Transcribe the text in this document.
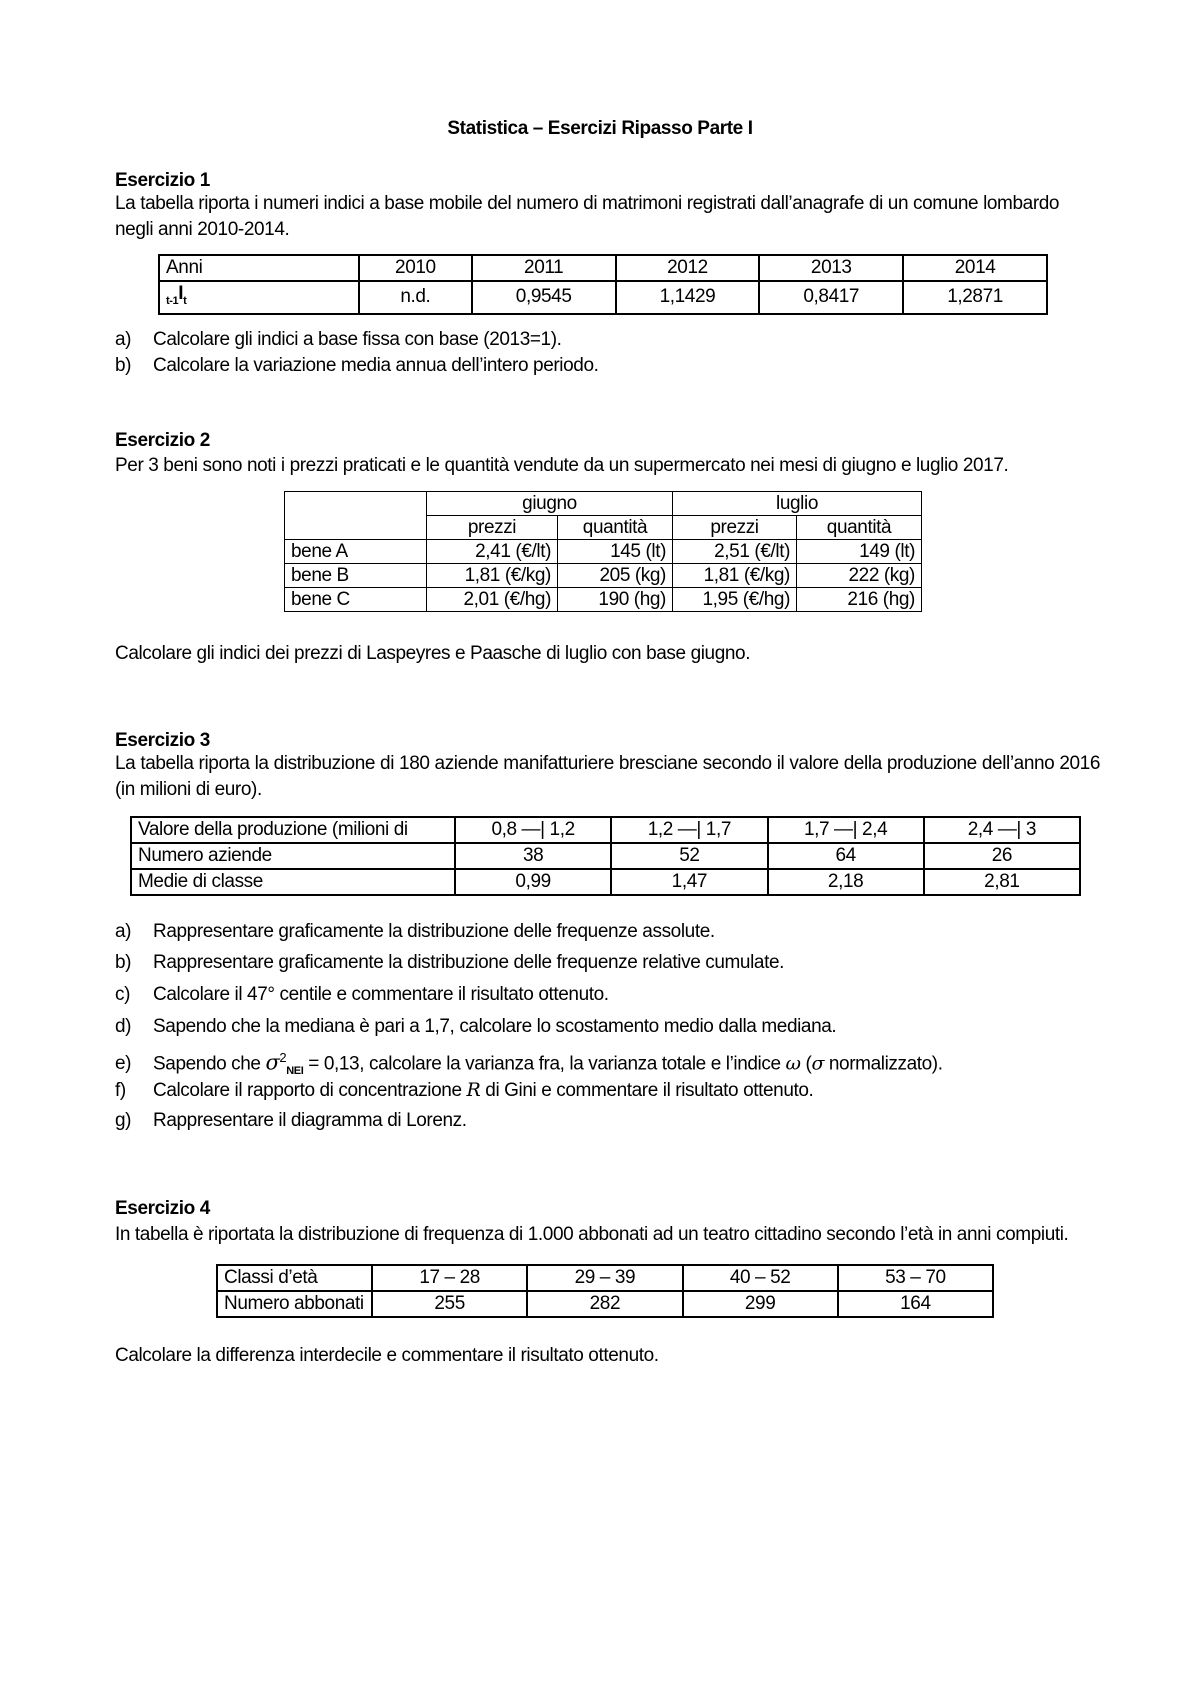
Statistica – Esercizi Ripasso Parte I
Esercizio 1
La tabella riporta i numeri indici a base mobile del numero di matrimoni registrati dall’anagrafe di un comune lombardo negli anni 2010-2014.
Anni	2010	2011	2012	2013	2014
$_{t-1}I_t$	n.d.	0,9545	1,1429	0,8417	1,2871
a) Calcolare gli indici a base fissa con base (2013=1).
b) Calcolare la variazione media annua dell’intero periodo.
Esercizio 2
Per 3 beni sono noti i prezzi praticati e le quantità vendute da un supermercato nei mesi di giugno e luglio 2017.
	giugno		luglio	
	prezzi	quantità	prezzi	quantità
bene A	2,41 (€/lt)	145 (lt)	2,51 (€/lt)	149 (lt)
bene B	1,81 (€/kg)	205 (kg)	1,81 (€/kg)	222 (kg)
bene C	2,01 (€/hg)	190 (hg)	1,95 (€/hg)	216 (hg)
Calcolare gli indici dei prezzi di Laspeyres e Paasche di luglio con base giugno.
Esercizio 3
La tabella riporta la distribuzione di 180 aziende manifatturiere bresciane secondo il valore della produzione dell’anno 2016 (in milioni di euro).
Valore della produzione (milioni di	0,8 —| 1,2	1,2 —| 1,7	1,7 —| 2,4	2,4 —| 3
Numero aziende	38	52	64	26
Medie di classe	0,99	1,47	2,18	2,81
a) Rappresentare graficamente la distribuzione delle frequenze assolute.
b) Rappresentare graficamente la distribuzione delle frequenze relative cumulate.
c) Calcolare il 47° centile e commentare il risultato ottenuto.
d) Sapendo che la mediana è pari a 1,7, calcolare lo scostamento medio dalla mediana.
e) Sapendo che $\sigma^2_{NEI} = 0,13$, calcolare la varianza fra, la varianza totale e l’indice ω (σ normalizzato).
f) Calcolare il rapporto di concentrazione R di Gini e commentare il risultato ottenuto.
g) Rappresentare il diagramma di Lorenz.
Esercizio 4
In tabella è riportata la distribuzione di frequenza di 1.000 abbonati ad un teatro cittadino secondo l’età in anni compiuti.
Classi d’età	17 – 28	29 – 39	40 – 52	53 – 70
Numero abbonati	255	282	299	164
Calcolare la differenza interdecile e commentare il risultato ottenuto.
